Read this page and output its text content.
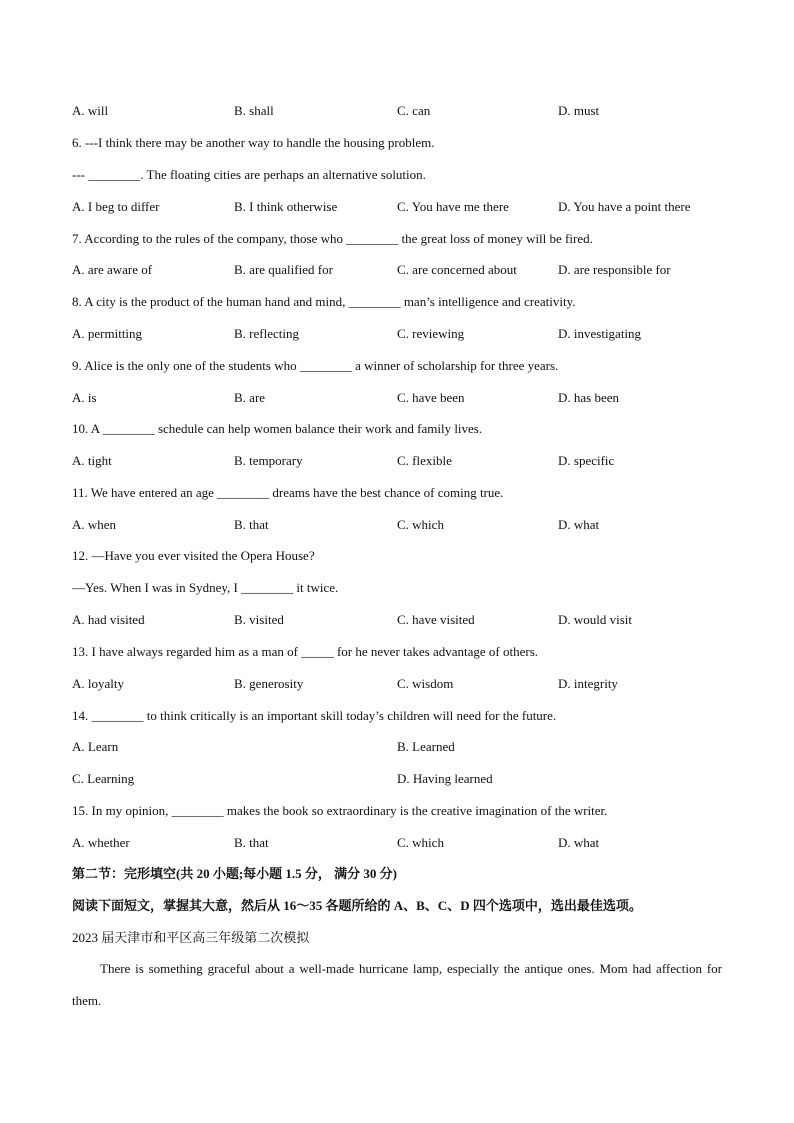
A. will	B. shall	C. can	D. must
6. ---I think there may be another way to handle the housing problem.
--- ________. The floating cities are perhaps an alternative solution.
A. I beg to differ	B. I think otherwise	C. You have me there	D. You have a point there
7. According to the rules of the company, those who ________ the great loss of money will be fired.
A. are aware of	B. are qualified for	C. are concerned about	D. are responsible for
8. A city is the product of the human hand and mind, ________ man’s intelligence and creativity.
A. permitting	B. reflecting	C. reviewing	D. investigating
9. Alice is the only one of the students who ________ a winner of scholarship for three years.
A. is	B. are	C. have been	D. has been
10. A ________ schedule can help women balance their work and family lives.
A. tight	B. temporary	C. flexible	D. specific
11. We have entered an age ________ dreams have the best chance of coming true.
A. when	B. that	C. which	D. what
12. —Have you ever visited the Opera House?
—Yes. When I was in Sydney, I ________ it twice.
A. had visited	B. visited	C. have visited	D. would visit
13. I have always regarded him as a man of _____ for he never takes advantage of others.
A. loyalty	B. generosity	C. wisdom	D. integrity
14. ________ to think critically is an important skill today’s children will need for the future.
A. Learn	B. Learned
C. Learning	D. Having learned
15. In my opinion, ________ makes the book so extraordinary is the creative imagination of the writer.
A. whether	B. that	C. which	D. what
第二节：完形填空(共 20 小题;每小题 1.5 分， 满分 30 分)
阅读下面短文，掌握其大意，然后从 16～35 各题所给的 A、B、C、D 四个选项中，选出最佳选项。
2023 届天津市和平区高三年级第二次模拟
There is something graceful about a well-made hurricane lamp, especially the antique ones. Mom had affection for them.
